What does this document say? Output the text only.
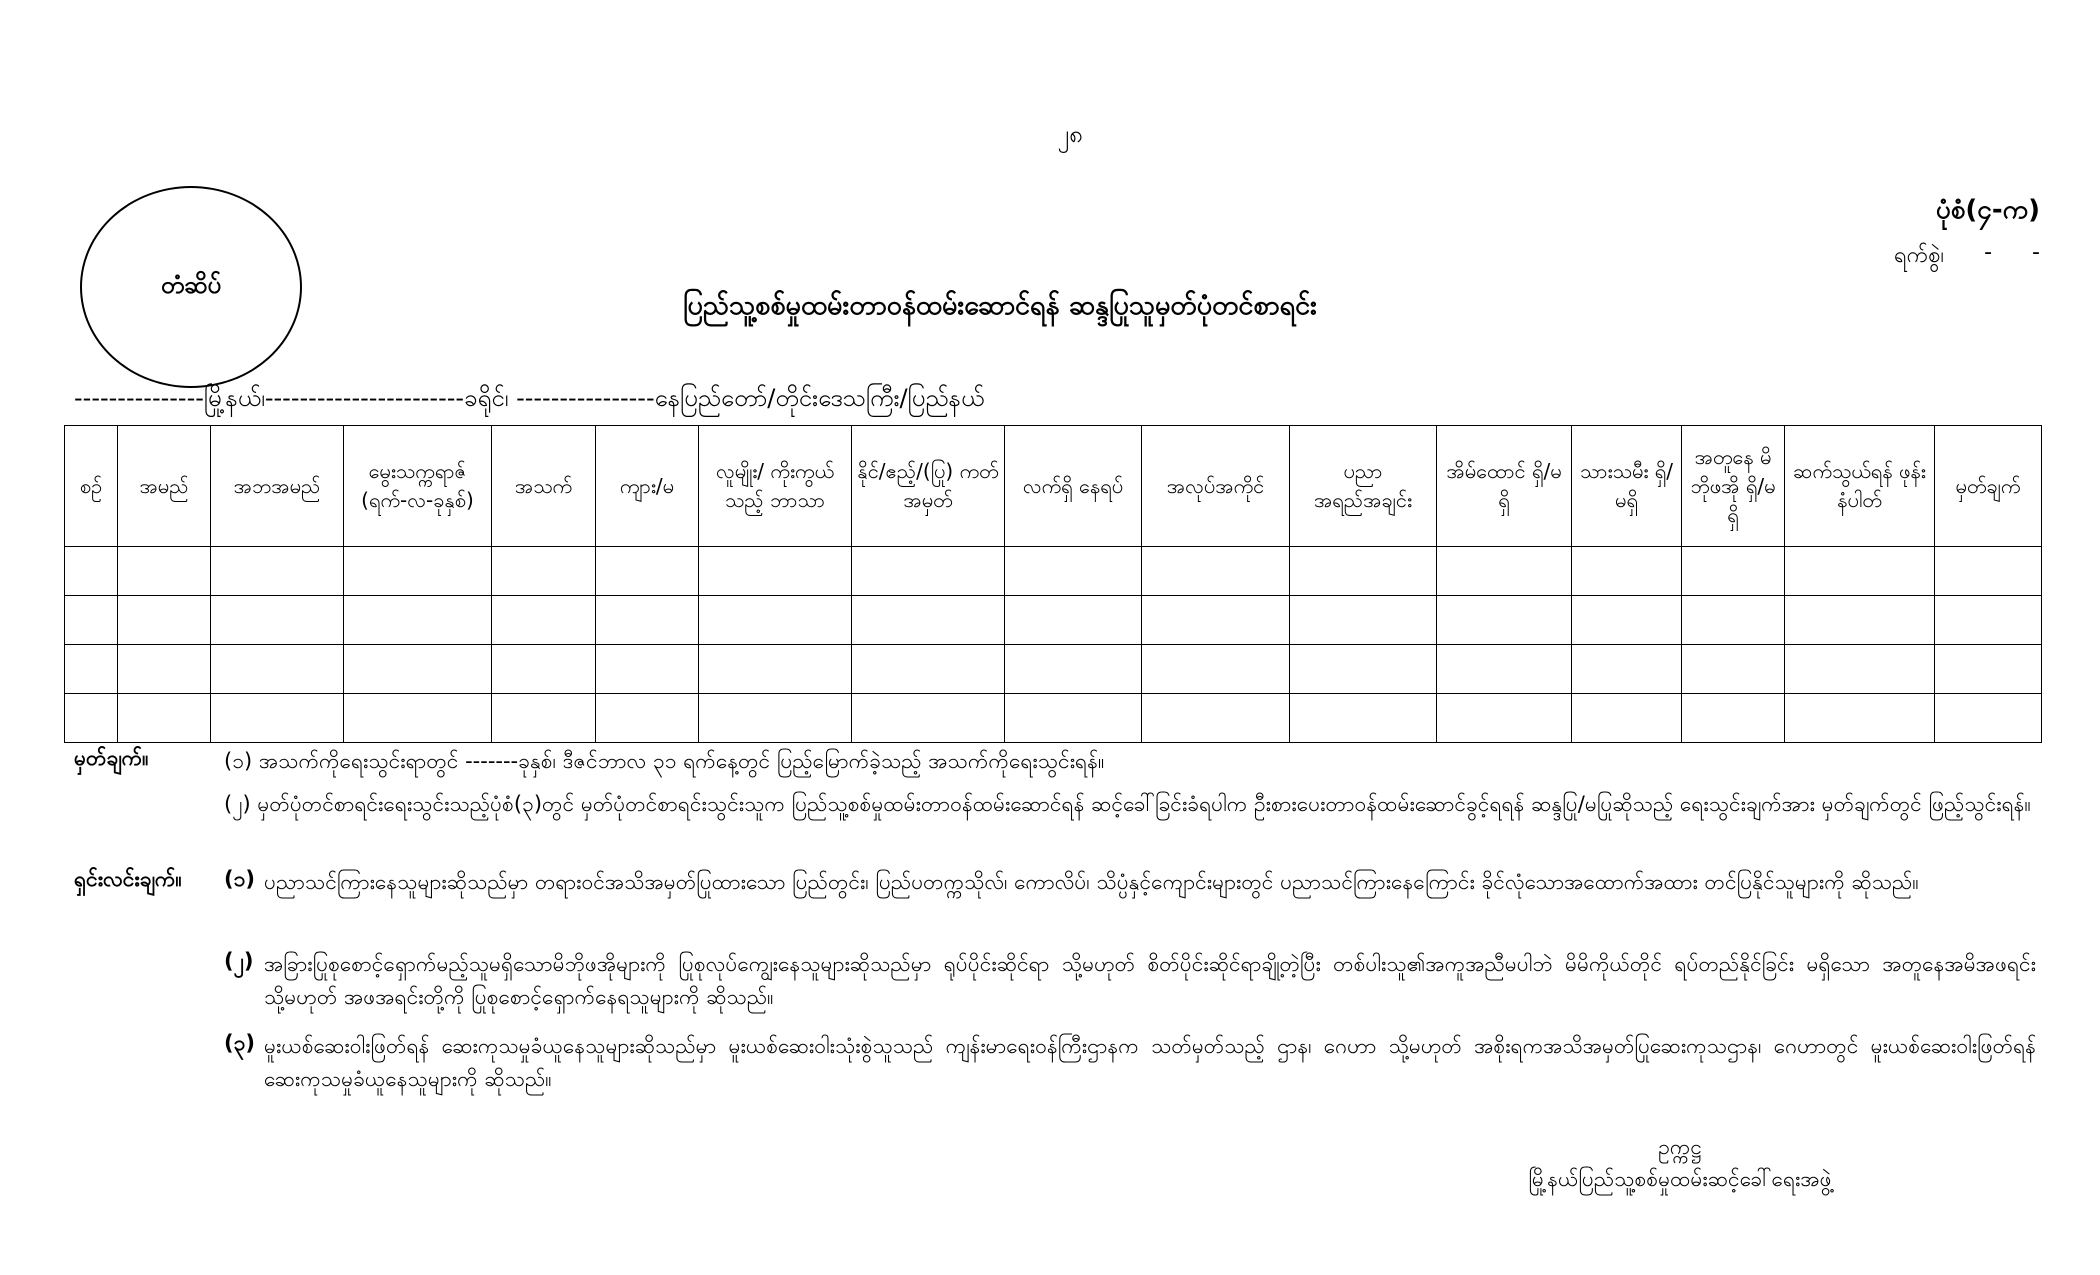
၂၈
ပုံစံ(၄-က)
ရက်စွဲ၊ - -
တံဆိပ်
ပြည်သူ့စစ်မှုထမ်းတာဝန်ထမ်းဆောင်ရန် ဆန္ဒပြုသူမှတ်ပုံတင်စာရင်း
---------------မြို့နယ်၊-----------------------ခရိုင်၊ ----------------နေပြည်တော်/တိုင်းဒေသကြီး/ပြည်နယ်
စဉ်	အမည်	အဘအမည်	မွေးသက္ကရာဇ် (ရက်-လ-ခုနှစ်)	အသက်	ကျား/မ	လူမျိုး/ ကိုးကွယ်သည့် ဘာသာ	နိုင်/ဧည့်/(ပြု) ကတ်အမှတ်	လက်ရှိ နေရပ်	အလုပ်အကိုင်	ပညာ အရည်အချင်း	အိမ်ထောင် ရှိ/မရှိ	သားသမီး ရှိ/မရှိ	အတူနေ မိဘိုဖအို ရှိ/မရှိ	ဆက်သွယ်ရန် ဖုန်းနံပါတ်	မှတ်ချက်

မှတ်ချက်။	(၁) အသက်ကိုရေးသွင်းရာတွင် -------ခုနှစ်၊ ဒီဇင်ဘာလ ၃၁ ရက်နေ့တွင် ပြည့်မြောက်ခဲ့သည့် အသက်ကိုရေးသွင်းရန်။
(၂) မှတ်ပုံတင်စာရင်းရေးသွင်းသည့်ပုံစံ(၃)တွင် မှတ်ပုံတင်စာရင်းသွင်းသူက ပြည်သူ့စစ်မှုထမ်းတာဝန်ထမ်းဆောင်ရန် ဆင့်ခေါ်ခြင်းခံရပါက ဦးစားပေးတာဝန်ထမ်းဆောင်ခွင့်ရရန် ဆန္ဒပြု/မပြုဆိုသည့် ရေးသွင်းချက်အား မှတ်ချက်တွင် ဖြည့်သွင်းရန်။
ရှင်းလင်းချက်။ (၁) ပညာသင်ကြားနေသူများဆိုသည်မှာ တရားဝင်အသိအမှတ်ပြုထားသော ပြည်တွင်း၊ ပြည်ပတက္ကသိုလ်၊ ကောလိပ်၊ သိပ္ပံနှင့်ကျောင်းများတွင် ပညာသင်ကြားနေကြောင်း ခိုင်လုံသောအထောက်အထား တင်ပြနိုင်သူများကို ဆိုသည်။
(၂) အခြားပြုစုစောင့်ရှောက်မည့်သူမရှိသောမိဘိုဖအိုများကို ပြုစုလုပ်ကျွေးနေသူများဆိုသည်မှာ ရုပ်ပိုင်းဆိုင်ရာ သို့မဟုတ် စိတ်ပိုင်းဆိုင်ရာချို့တဲ့ပြီး တစ်ပါးသူ၏အကူအညီမပါဘဲ မိမိကိုယ်တိုင် ရပ်တည်နိုင်ခြင်း မရှိသော အတူနေအမိအဖ‌ရင်း သို့မဟုတ် အဖအရင်းတို့ကို ပြုစုစောင့်ရှောက်နေရသူများကို ဆိုသည်။
(၃) မူးယစ်ဆေးဝါးဖြတ်ရန် ဆေးကုသမှုခံယူနေသူများဆိုသည်မှာ မူးယစ်ဆေးဝါးသုံးစွဲသူသည် ကျန်းမာရေးဝန်ကြီးဌာနက သတ်မှတ်သည့် ဌာန၊ ဂေဟာ သို့မဟုတ် အစိုးရကအသိအမှတ်ပြုဆေးကုသဌာန၊ ဂေဟာတွင် မူးယစ်ဆေးဝါးဖြတ်ရန် ဆေးကုသမှုခံယူနေသူများကို ဆိုသည်။
ဥက္ကဋ္ဌ
မြို့နယ်ပြည်သူ့စစ်မှုထမ်းဆင့်ခေါ်ရေးအဖွဲ့
